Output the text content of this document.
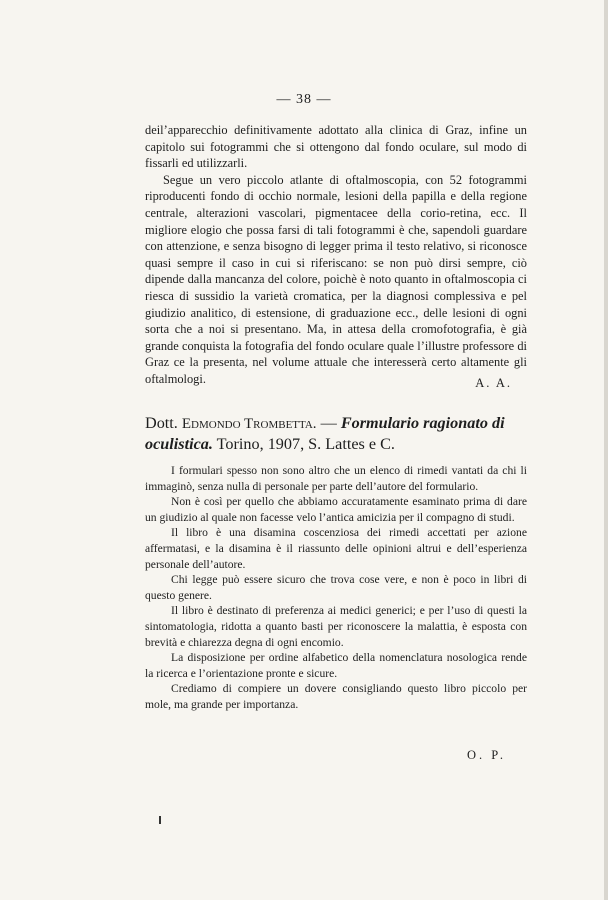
— 38 —

deil’apparecchio definitivamente adottato alla clinica di Graz, infine un capitolo sui fotogrammi che si ottengono dal fondo oculare, sul modo di fissarli ed utilizzarli.

Segue un vero piccolo atlante di oftalmoscopia, con 52 fotogrammi riproducenti fondo di occhio normale, lesioni della papilla e della regione centrale, alterazioni vascolari, pigmentacee della corio-retina, ecc. Il migliore elogio che possa farsi di tali fotogrammi è che, sapendoli guardare con attenzione, e senza bisogno di legger prima il testo relativo, si riconosce quasi sempre il caso in cui si riferiscano: se non può dirsi sempre, ciò dipende dalla mancanza del colore, poichè è noto quanto in oftalmoscopia ci riesca di sussidio la varietà cromatica, per la diagnosi complessiva e pel giudizio analitico, di estensione, di graduazione ecc., delle lesioni di ogni sorta che a noi si presentano. Ma, in attesa della cromofotografia, è già grande conquista la fotografia del fondo oculare quale l’illustre professore di Graz ce la presenta, nel volume attuale che interesserà certo altamente gli oftalmologi.	A. A.
Dott. Edmondo Trombetta. — Formulario ragionato di oculistica. Torino, 1907, S. Lattes e C.

I formulari spesso non sono altro che un elenco di rimedi vantati da chi li immaginò, senza nulla di personale per parte dell’autore del formulario.

Non è così per quello che abbiamo accuratamente esaminato prima di dare un giudizio al quale non facesse velo l’antica amicizia per il compagno di studi.

Il libro è una disamina coscenziosa dei rimedi accettati per azione affermatasi, e la disamina è il riassunto delle opinioni altrui e dell’esperienza personale dell’autore.

Chi legge può essere sicuro che trova cose vere, e non è poco in libri di questo genere.

Il libro è destinato di preferenza ai medici generici; e per l’uso di questi la sintomatologia, ridotta a quanto basti per riconoscere la malattia, è esposta con brevità e chiarezza degna di ogni encomio.

La disposizione per ordine alfabetico della nomenclatura nosologica rende la ricerca e l’orientazione pronte e sicure.

Crediamo di compiere un dovere consigliando questo libro piccolo per mole, ma grande per importanza.

O. P.
